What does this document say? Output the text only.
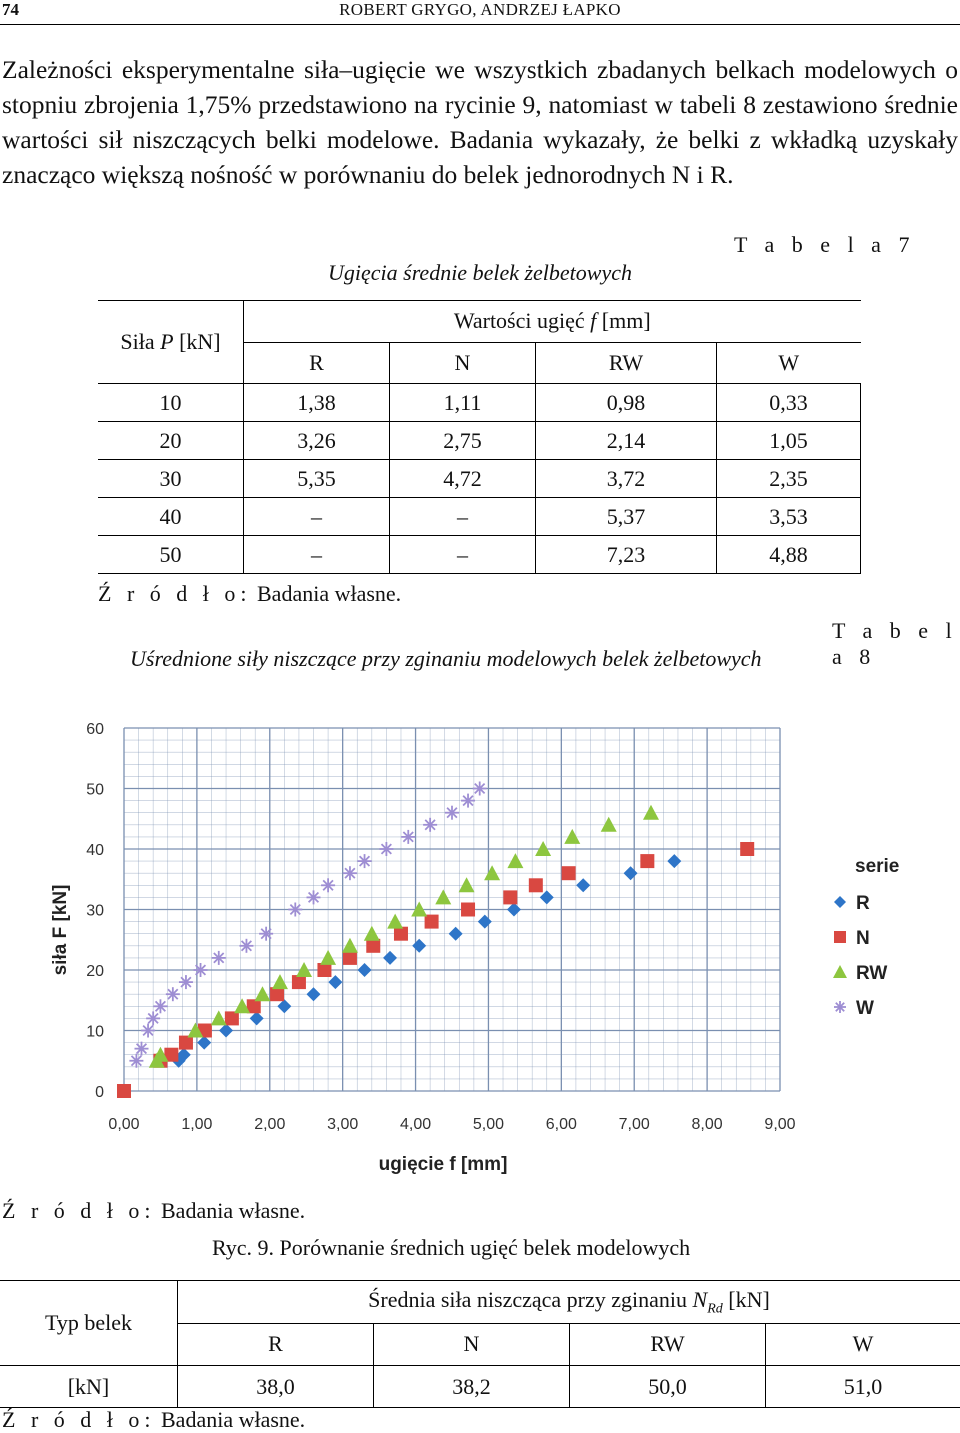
74	ROBERT GRYGO, ANDRZEJ ŁAPKO
Zależności eksperymentalne siła–ugięcie we wszystkich zbadanych belkach modelowych o stopniu zbrojenia 1,75% przedstawiono na rycinie 9, natomiast w tabeli 8 zestawiono średnie wartości sił niszczących belki modelowe. Badania wykazały, że belki z wkładką uzyskały znacząco większą nośność w porównaniu do belek jednorodnych N i R.
T a b e l a 7
Ugięcia średnie belek żelbetowych
Siła P [kN]	Wartości ugięć f [mm]			
	R	N	RW	W
10	1,38	1,11	0,98	0,33
20	3,26	2,75	2,14	1,05
30	5,35	4,72	3,72	2,35
40	–	–	5,37	3,53
50	–	–	7,23	4,88
Ź r ó d ł o: Badania własne.
T a b e l a 8
Uśrednione siły niszczące przy zginaniu modelowych belek żelbetowych
0
10
20
30
40
50
60
0,00	1,00	2,00	3,00	4,00	5,00	6,00	7,00	8,00	9,00
siła F [kN]
ugięcie f [mm]
serie
R
N
RW
W
Ź r ó d ł o: Badania własne.
Ryc. 9. Porównanie średnich ugięć belek modelowych
Typ belek	Średnia siła niszcząca przy zginaniu $N_{Rd}$ [kN]			
	R	N	RW	W
[kN]	38,0	38,2	50,0	51,0
Ź r ó d ł o: Badania własne.
